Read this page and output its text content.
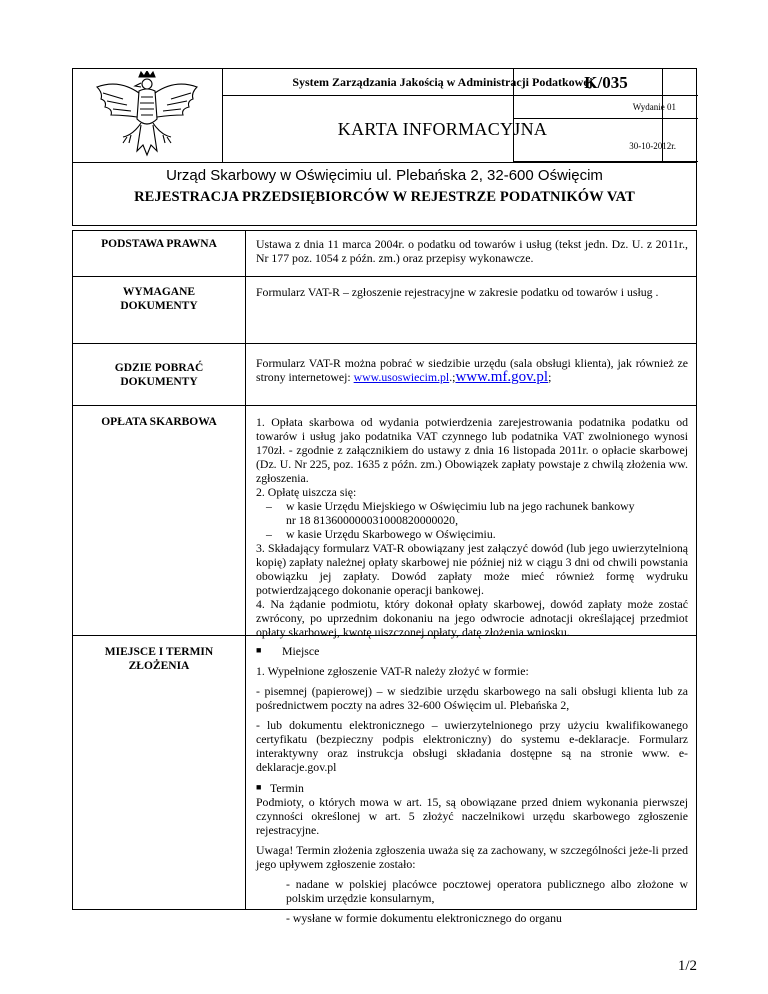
System Zarządzania Jakością w Administracji Podatkowej
K/035
KARTA INFORMACYJNA
Wydanie 01
30-10-2012r.
Urząd Skarbowy w Oświęcimiu ul. Plebańska 2, 32-600 Oświęcim
REJESTRACJA PRZEDSIĘBIORCÓW W REJESTRZE PODATNIKÓW VAT
PODSTAWA PRAWNA	Ustawa z dnia 11 marca 2004r. o podatku od towarów i usług (tekst jedn. Dz. U. z 2011r., Nr 177 poz. 1054 z późn. zm.) oraz przepisy wykonawcze.
WYMAGANE DOKUMENTY
Formularz VAT-R – zgłoszenie rejestracyjne w zakresie podatku od towarów i usług .
GDZIE POBRAĆ DOKUMENTY
Formularz VAT-R można pobrać w siedzibie urzędu (sala obsługi klienta), jak również ze strony internetowej: www.usoswiecim.pl.;www.mf.gov.pl;
OPŁATA SKARBOWA	1. Opłata skarbowa od wydania potwierdzenia zarejestrowania podatnika podatku od towarów i usług jako podatnika VAT czynnego lub podatnika VAT zwolnionego wynosi 170zł. - zgodnie z załącznikiem do ustawy z dnia 16 listopada 2011r. o opłacie skarbowej (Dz. U. Nr 225, poz. 1635 z późn. zm.) Obowiązek zapłaty powstaje z chwilą złożenia ww. zgłoszenia.

2. Opłatę uiszcza się:

– w kasie Urzędu Miejskiego w Oświęcimiu lub na jego rachunek bankowy

nr 18 81360000003100082000002​0,

– w kasie Urzędu Skarbowego w Oświęcimiu.

3. Składający formularz VAT-R obowiązany jest załączyć dowód (lub jego uwierzytelnioną kopię) zapłaty należnej opłaty skarbowej nie później niż w ciągu 3 dni od chwili powstania obowiązku jej zapłaty. Dowód zapłaty może mieć również formę wydruku potwierdzającego dokonanie operacji bankowej.

4. Na żądanie podmiotu, który dokonał opłaty skarbowej, dowód zapłaty może zostać zwrócony, po uprzednim dokonaniu na jego odwrocie adnotacji określającej przedmiot opłaty skarbowej, kwotę uiszczonej opłaty, datę złożenia wniosku.

MIEJSCE I TERMIN ZŁOŻENIA

■ Miejsce

1. Wypełnione zgłoszenie VAT-R należy złożyć w formie:

- pisemnej (papierowej) – w siedzibie urzędu skarbowego na sali obsługi klienta lub za pośrednictwem poczty na adres 32-600 Oświęcim ul. Plebańska 2,

- lub dokumentu elektronicznego – uwierzytelnionego przy użyciu kwalifikowanego certyfikatu (bezpieczny podpis elektroniczny) do systemu e-deklaracje. Formularz interaktywny oraz instrukcja obsługi składania dostępne są na stronie www. e-deklaracje.gov.pl

■ Termin

Podmioty, o których mowa w art. 15, są obowiązane przed dniem wykonania pierwszej czynności określonej w art. 5 złożyć naczelnikowi urzędu skarbowego zgłoszenie rejestracyjne.

Uwaga! Termin złożenia zgłoszenia uważa się za zachowany, w szczególności jeże-li przed jego upływem zgłoszenie zostało:

- nadane w polskiej placówce pocztowej operatora publicznego albo złożone w polskim urzędzie konsularnym,

- wysłane w formie dokumentu elektronicznego do organu

1/2
